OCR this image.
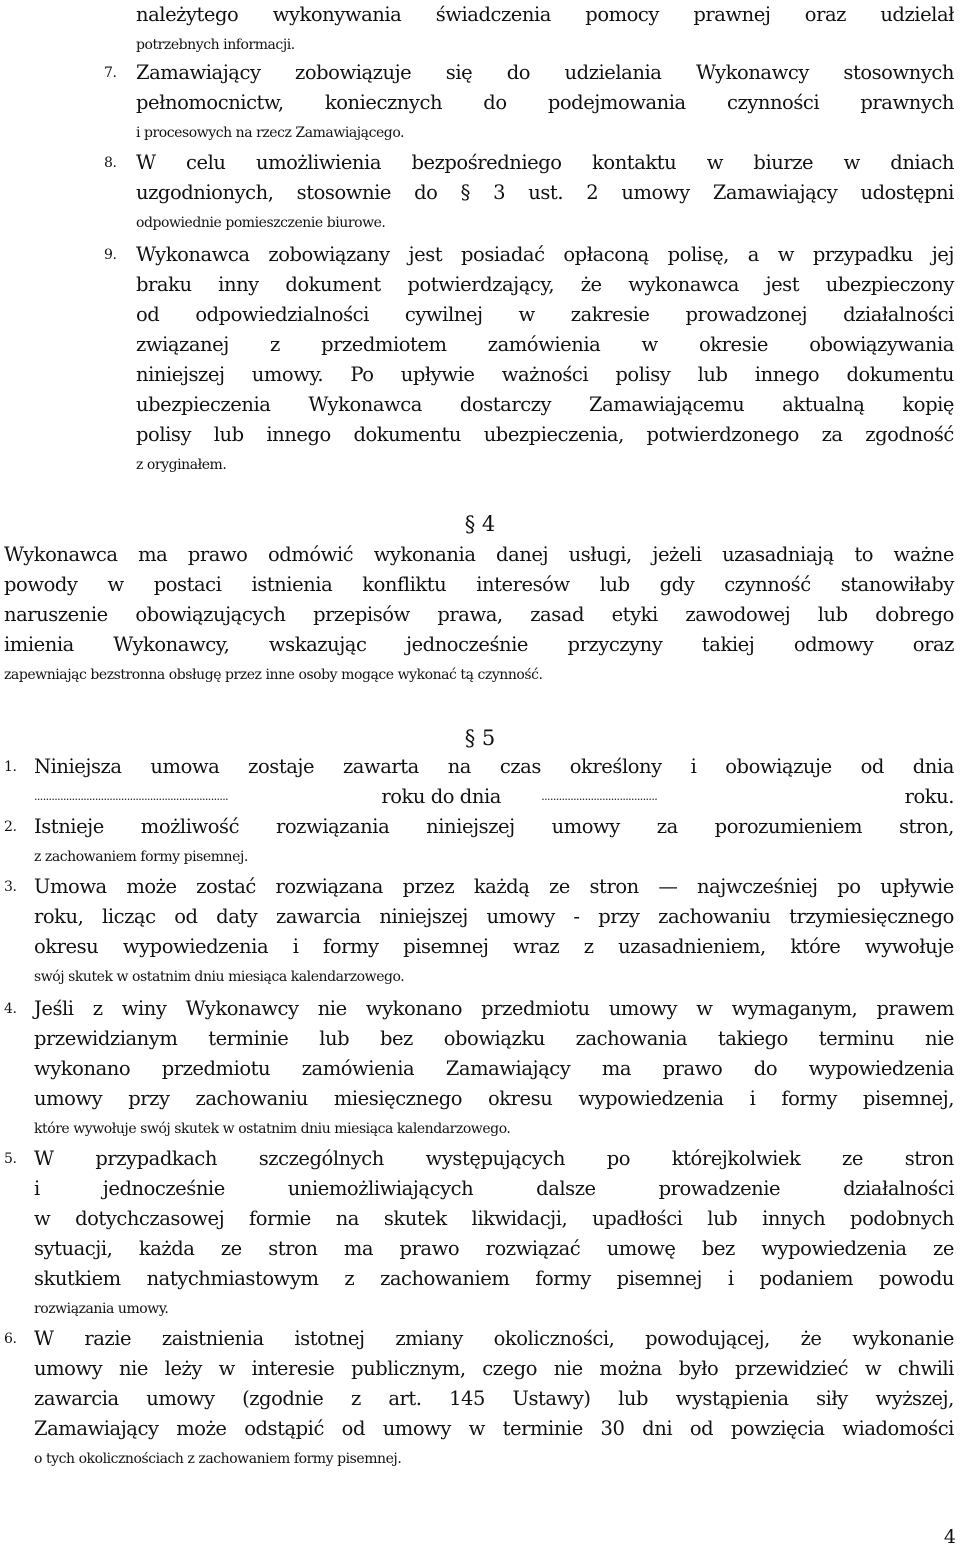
należytego wykonywania świadczenia pomocy prawnej oraz udzielał
potrzebnych informacji.
7.	Zamawiający zobowiązuje się do udzielania Wykonawcy stosownych
pełnomocnictw, koniecznych do podejmowania czynności prawnych
i procesowych na rzecz Zamawiającego.
8.	W celu umożliwienia bezpośredniego kontaktu w biurze w dniach
uzgodnionych, stosownie do § 3 ust. 2 umowy Zamawiający udostępni
odpowiednie pomieszczenie biurowe.
9.	Wykonawca zobowiązany jest posiadać opłaconą polisę, a w przypadku jej
braku inny dokument potwierdzający, że wykonawca jest ubezpieczony
od odpowiedzialności cywilnej w zakresie prowadzonej działalności
związanej z przedmiotem zamówienia w okresie obowiązywania
niniejszej umowy. Po upływie ważności polisy lub innego dokumentu
ubezpieczenia Wykonawca dostarczy Zamawiającemu aktualną kopię
polisy lub innego dokumentu ubezpieczenia, potwierdzonego za zgodność
z oryginałem.
§ 4
Wykonawca ma prawo odmówić wykonania danej usługi, jeżeli uzasadniają to ważne
powody w postaci istnienia konfliktu interesów lub gdy czynność stanowiłaby
naruszenie obowiązujących przepisów prawa, zasad etyki zawodowej lub dobrego
imienia Wykonawcy, wskazując jednocześnie przyczyny takiej odmowy oraz
zapewniając bezstronna obsługę przez inne osoby mogące wykonać tą czynność.
§ 5
1. Niniejsza umowa zostaje zawarta na czas określony i obowiązuje od dnia
...................................................................	roku do dnia	........................................	roku.
2. Istnieje możliwość rozwiązania niniejszej umowy za porozumieniem stron,
z zachowaniem formy pisemnej.
3. Umowa może zostać rozwiązana przez każdą ze stron — najwcześniej po upływie
roku, licząc od daty zawarcia niniejszej umowy - przy zachowaniu trzymiesięcznego
okresu wypowiedzenia i formy pisemnej wraz z uzasadnieniem, które wywołuje
swój skutek w ostatnim dniu miesiąca kalendarzowego.
4. Jeśli z winy Wykonawcy nie wykonano przedmiotu umowy w wymaganym, prawem
przewidzianym terminie lub bez obowiązku zachowania takiego terminu nie
wykonano przedmiotu zamówienia Zamawiający ma prawo do wypowiedzenia
umowy przy zachowaniu miesięcznego okresu wypowiedzenia i formy pisemnej,
które wywołuje swój skutek w ostatnim dniu miesiąca kalendarzowego.
5. W przypadkach szczególnych występujących po którejkolwiek ze stron
i	jednocześnie	uniemożliwiających	dalsze	prowadzenie	działalności
w dotychczasowej formie na skutek likwidacji, upadłości lub innych podobnych
sytuacji, każda ze stron ma prawo rozwiązać umowę bez wypowiedzenia ze
skutkiem natychmiastowym z zachowaniem formy pisemnej i podaniem powodu
rozwiązania umowy.
6. W razie zaistnienia istotnej zmiany okoliczności, powodującej, że wykonanie
umowy nie leży w interesie publicznym, czego nie można było przewidzieć w chwili
zawarcia umowy (zgodnie z art. 145 Ustawy) lub wystąpienia siły wyższej,
Zamawiający może odstąpić od umowy w terminie 30 dni od powzięcia wiadomości
o tych okolicznościach z zachowaniem formy pisemnej.
4
